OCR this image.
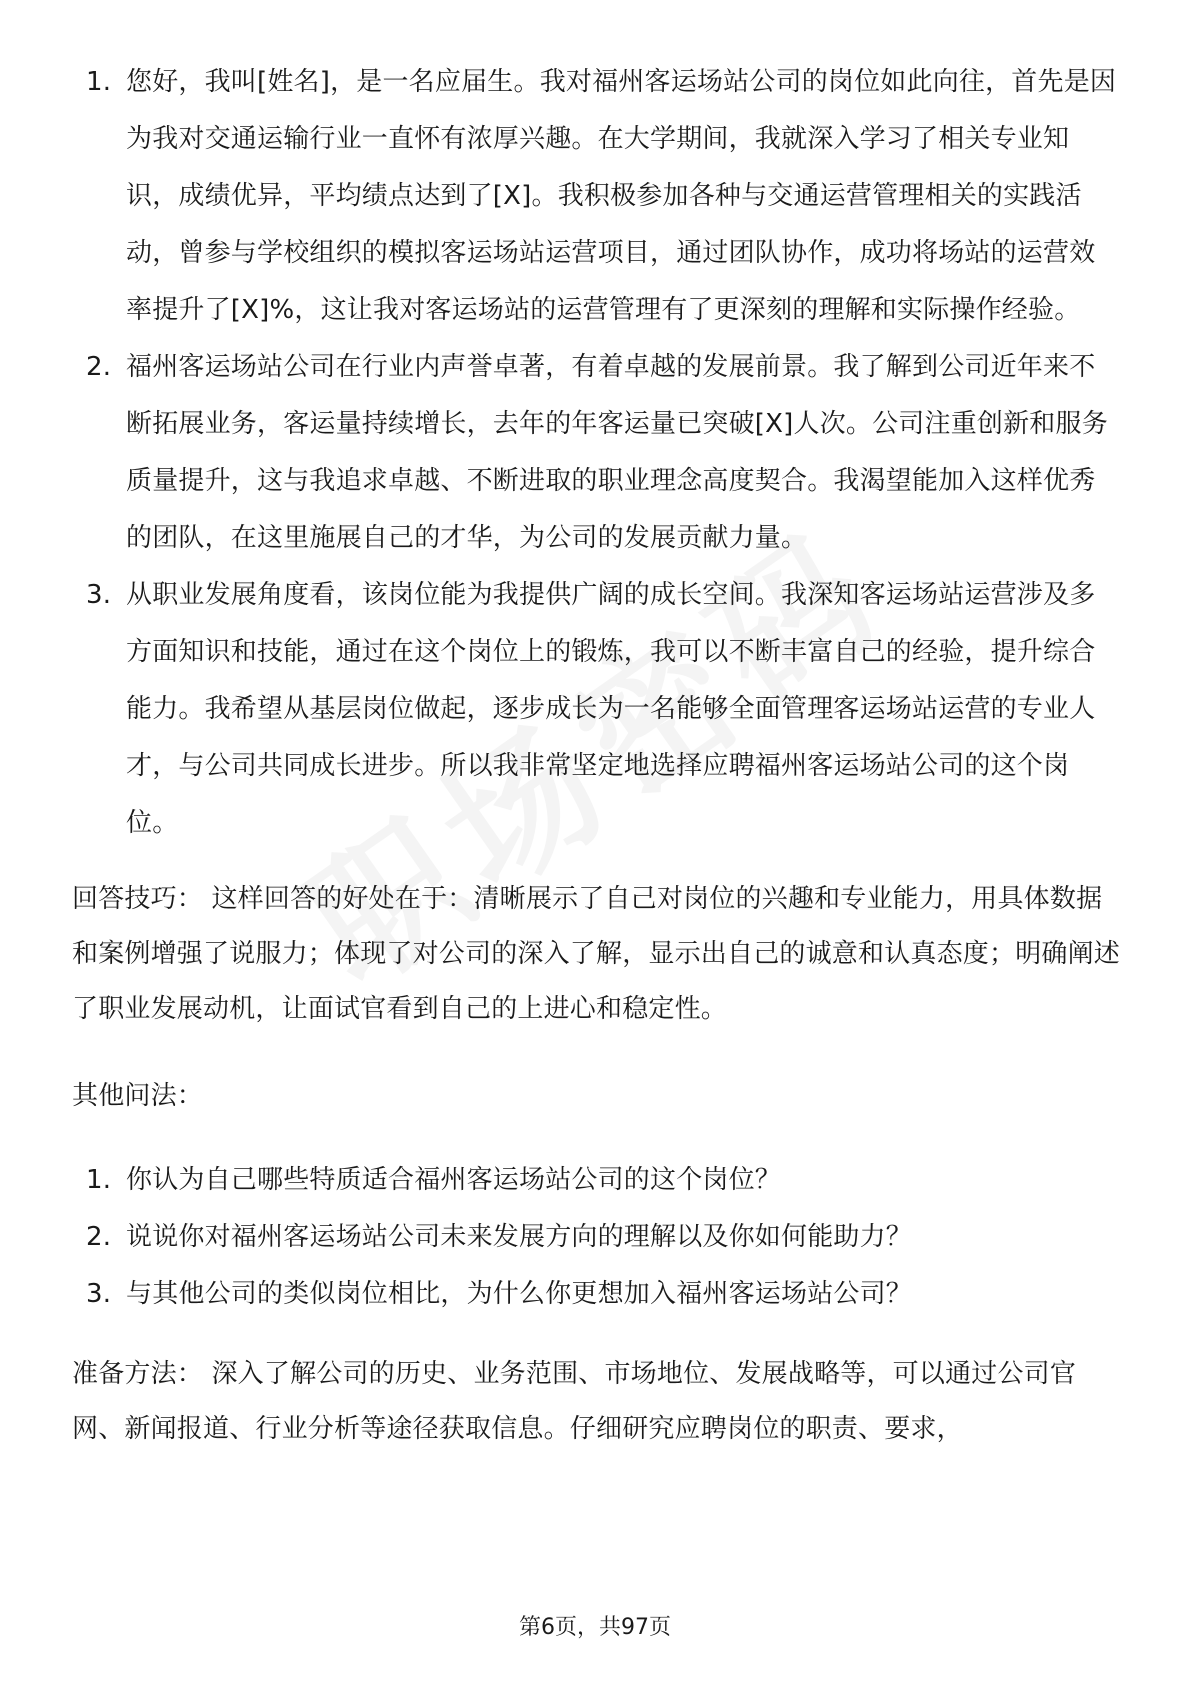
1. 您好，我叫[姓名]，是一名应届生。我对福州客运场站公司的岗位如此向往，首先是因为我对交通运输行业一直怀有浓厚兴趣。在大学期间，我就深入学习了相关专业知识，成绩优异，平均绩点达到了[X]。我积极参加各种与交通运营管理相关的实践活动，曾参与学校组织的模拟客运场站运营项目，通过团队协作，成功将场站的运营效率提升了[X]%，这让我对客运场站的运营管理有了更深刻的理解和实际操作经验。
2. 福州客运场站公司在行业内声誉卓著，有着卓越的发展前景。我了解到公司近年来不断拓展业务，客运量持续增长，去年的年客运量已突破[X]人次。公司注重创新和服务质量提升，这与我追求卓越、不断进取的职业理念高度契合。我渴望能加入这样优秀的团队，在这里施展自己的才华，为公司的发展贡献力量。
3. 从职业发展角度看，该岗位能为我提供广阔的成长空间。我深知客运场站运营涉及多方面知识和技能，通过在这个岗位上的锻炼，我可以不断丰富自己的经验，提升综合能力。我希望从基层岗位做起，逐步成长为一名能够全面管理客运场站运营的专业人才，与公司共同成长进步。所以我非常坚定地选择应聘福州客运场站公司的这个岗位。

回答技巧： 这样回答的好处在于：清晰展示了自己对岗位的兴趣和专业能力，用具体数据和案例增强了说服力；体现了对公司的深入了解，显示出自己的诚意和认真态度；明确阐述了职业发展动机，让面试官看到自己的上进心和稳定性。

其他问法：

1. 你认为自己哪些特质适合福州客运场站公司的这个岗位？
2. 说说你对福州客运场站公司未来发展方向的理解以及你如何能助力？
3. 与其他公司的类似岗位相比，为什么你更想加入福州客运场站公司？

准备方法： 深入了解公司的历史、业务范围、市场地位、发展战略等，可以通过公司官网、新闻报道、行业分析等途径获取信息。仔细研究应聘岗位的职责、要求，

第6页，共97页
